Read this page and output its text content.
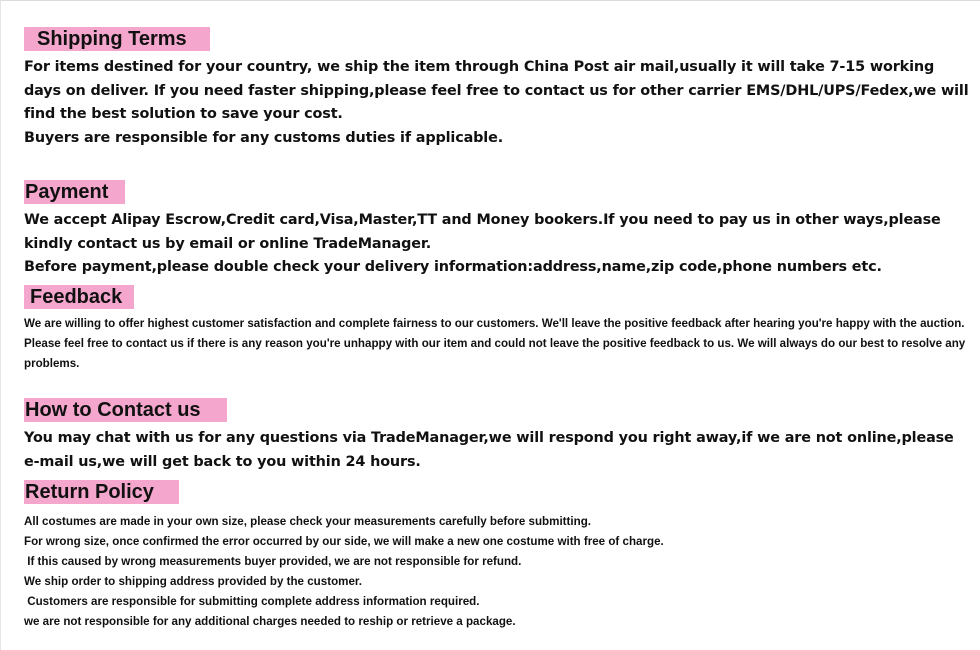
Shipping Terms

For items destined for your country, we ship the item through China Post air mail,usually it will take 7-15 working days on deliver. If you need faster shipping,please feel free to contact us for other carrier EMS/DHL/UPS/Fedex,we will find the best solution to save your cost.

Buyers are responsible for any customs duties if applicable.

Payment

We accept Alipay Escrow,Credit card,Visa,Master,TT and Money bookers.If you need to pay us in other ways,please kindly contact us by email or online TradeManager.

Before payment,please double check your delivery information:address,name,zip code,phone numbers etc.

Feedback

We are willing to offer highest customer satisfaction and complete fairness to our customers. We'll leave the positive feedback after hearing you're happy with the auction.

Please feel free to contact us if there is any reason you're unhappy with our item and could not leave the positive feedback to us. We will always do our best to resolve any problems.

How to Contact us

You may chat with us for any questions via TradeManager,we will respond you right away,if we are not online,please e-mail us,we will get back to you within 24 hours.

Return Policy

All costumes are made in your own size, please check your measurements carefully before submitting.

For wrong size, once confirmed the error occurred by our side, we will make a new one costume with free of charge.

If this caused by wrong measurements buyer provided, we are not responsible for refund.

We ship order to shipping address provided by the customer.

Customers are responsible for submitting complete address information required.

we are not responsible for any additional charges needed to reship or retrieve a package.
